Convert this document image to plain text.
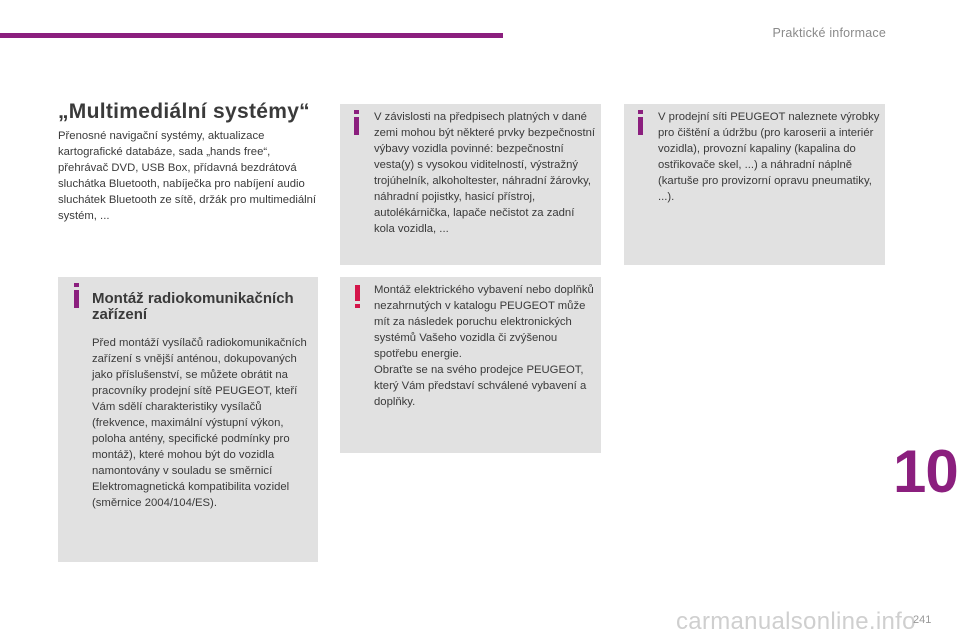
Praktické informace
„Multimediální systémy“

Přenosné navigační systémy, aktualizace kartografické databáze, sada „hands free“, přehrávač DVD, USB Box, přídavná bezdrátová sluchátka Bluetooth, nabíječka pro nabíjení audio sluchátek Bluetooth ze sítě, držák pro multimediální systém, ...

Montáž radiokomunikačních zařízení

Před montáží vysílačů radiokomunikačních zařízení s vnější anténou, dokupovaných jako příslušenství, se můžete obrátit na pracovníky prodejní sítě PEUGEOT, kteří Vám sdělí charakteristiky vysílačů (frekvence, maximální výstupní výkon, poloha antény, specifické podmínky pro montáž), které mohou být do vozidla namontovány v souladu se směrnicí Elektromagnetická kompatibilita vozidel (směrnice 2004/104/ES).

V závislosti na předpisech platných v dané zemi mohou být některé prvky bezpečnostní výbavy vozidla povinné: bezpečnostní vesta(y) s vysokou viditelností, výstražný trojúhelník, alkoholtester, náhradní žárovky, náhradní pojistky, hasicí přístroj, autolékárnička, lapače nečistot za zadní kola vozidla, ...

Montáž elektrického vybavení nebo doplňků nezahrnutých v katalogu PEUGEOT může mít za následek poruchu elektronických systémů Vašeho vozidla či zvýšenou spotřebu energie.

Obraťte se na svého prodejce PEUGEOT, který Vám představí schválené vybavení a doplňky.

V prodejní síti PEUGEOT naleznete výrobky pro čištění a údržbu (pro karoserii a interiér vozidla), provozní kapaliny (kapalina do ostřikovače skel, ...) a náhradní náplně (kartuše pro provizorní opravu pneumatiky, ...).

10
carmanualsonline.info
241
